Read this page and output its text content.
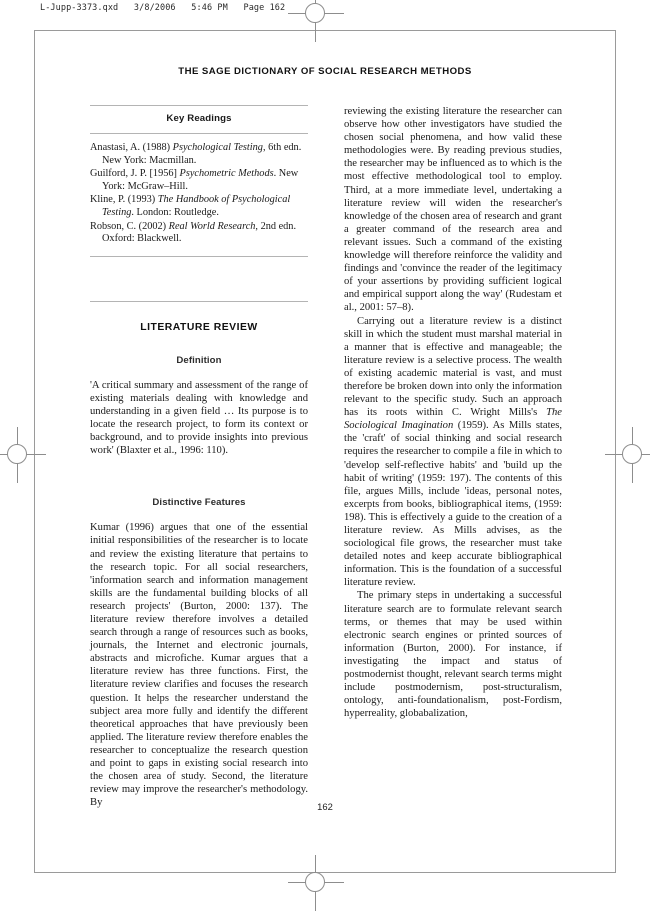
L-Jupp-3373.qxd   3/8/2006   5:46 PM   Page 162
THE SAGE DICTIONARY OF SOCIAL RESEARCH METHODS
Key Readings

Anastasi, A. (1988) Psychological Testing, 6th edn. New York: Macmillan.

Guilford, J. P. [1956] Psychometric Methods. New York: McGraw–Hill.

Kline, P. (1993) The Handbook of Psychological Testing. London: Routledge.

Robson, C. (2002) Real World Research, 2nd edn. Oxford: Blackwell.

LITERATURE REVIEW
Definition

'A critical summary and assessment of the range of existing materials dealing with knowledge and understanding in a given field … Its purpose is to locate the research project, to form its context or background, and to provide insights into previous work' (Blaxter et al., 1996: 110).

Distinctive Features

Kumar (1996) argues that one of the essential initial responsibilities of the researcher is to locate and review the existing literature that pertains to the research topic. For all social researchers, 'information search and information management skills are the fundamental building blocks of all research projects' (Burton, 2000: 137). The literature review therefore involves a detailed search through a range of resources such as books, journals, the Internet and electronic journals, abstracts and microfiche. Kumar argues that a literature review has three functions. First, the literature review clarifies and focuses the research question. It helps the researcher understand the subject area more fully and identify the different theoretical approaches that have previously been applied. The literature review therefore enables the researcher to conceptualize the research question and point to gaps in existing social research into the chosen area of study. Second, the literature review may improve the researcher's methodology. By

reviewing the existing literature the researcher can observe how other investigators have studied the chosen social phenomena, and how valid these methodologies were. By reading previous studies, the researcher may be influenced as to which is the most effective methodological tool to employ. Third, at a more immediate level, undertaking a literature review will widen the researcher's knowledge of the chosen area of research and grant a greater command of the research area and relevant issues. Such a command of the existing knowledge will therefore reinforce the validity and findings and 'convince the reader of the legitimacy of your assertions by providing sufficient logical and empirical support along the way' (Rudestam et al., 2001: 57–8).

Carrying out a literature review is a distinct skill in which the student must marshal material in a manner that is effective and manageable; the literature review is a selective process. The wealth of existing academic material is vast, and must therefore be broken down into only the information relevant to the specific study. Such an approach has its roots within C. Wright Mills's The Sociological Imagination (1959). As Mills states, the 'craft' of social thinking and social research requires the researcher to compile a file in which to 'develop self-reflective habits' and 'build up the habit of writing' (1959: 197). The contents of this file, argues Mills, include 'ideas, personal notes, excerpts from books, bibliographical items, (1959: 198). This is effectively a guide to the creation of a literature review. As Mills advises, as the sociological file grows, the researcher must take detailed notes and keep accurate bibliographical information. This is the foundation of a successful literature review.

The primary steps in undertaking a successful literature search are to formulate relevant search terms, or themes that may be used within electronic search engines or printed sources of information (Burton, 2000). For instance, if investigating the impact and status of postmodernist thought, relevant search terms might include postmodernism, post-structuralism, ontology, anti-foundationalism, post-Fordism, hyperreality, globabalization,

162
